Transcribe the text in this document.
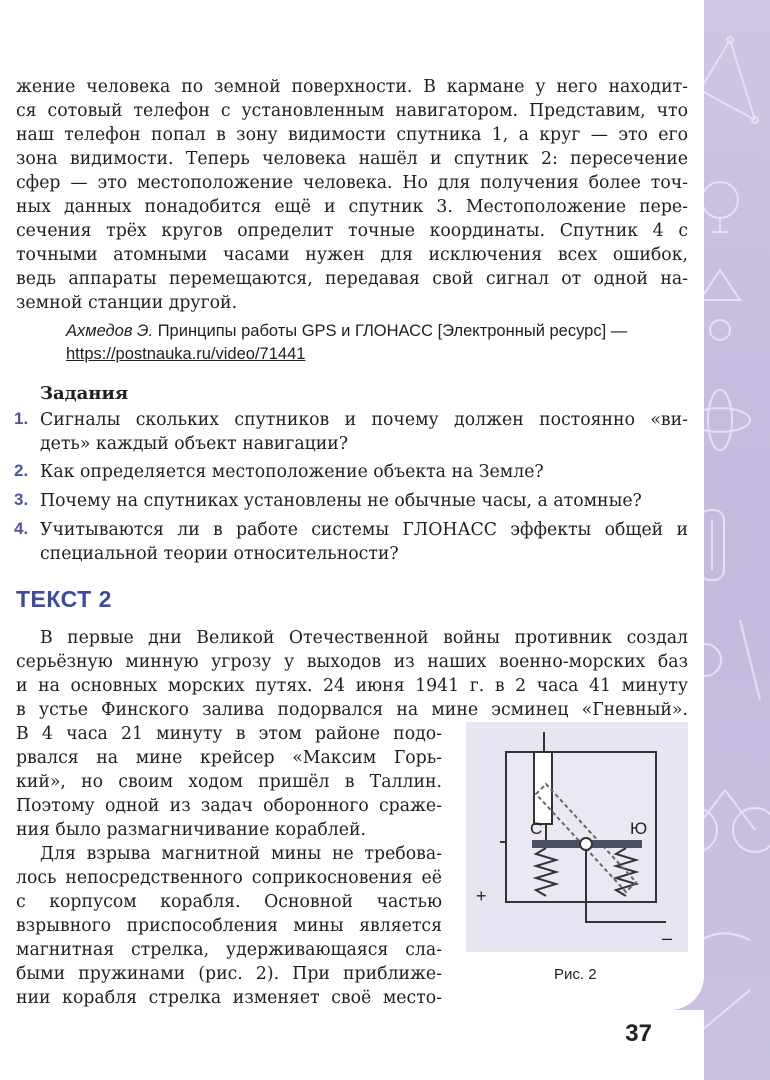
жение человека по земной поверхности. В кармане у него находит-
ся сотовый телефон с установленным навигатором. Представим, что
наш телефон попал в зону видимости спутника 1, а круг — это его
зона видимости. Теперь человека нашёл и спутник 2: пересечение
сфер — это местоположение человека. Но для получения более точ-
ных данных понадобится ещё и спутник 3. Местоположение пере-
сечения трёх кругов определит точные координаты. Спутник 4 с
точными атомными часами нужен для исключения всех ошибок,
ведь аппараты перемещаются, передавая свой сигнал от одной на-
земной станции другой.
Ахмедов Э. Принципы работы GPS и ГЛОНАСС [Электронный ресурс] —
https://postnauka.ru/video/71441
Задания
1. Сигналы скольких спутников и почему должен постоянно «ви-
деть» каждый объект навигации?
2. Как определяется местоположение объекта на Земле?
3. Почему на спутниках установлены не обычные часы, а атомные?
4. Учитываются ли в работе системы ГЛОНАСС эффекты общей и
специальной теории относительности?
ТЕКСТ 2
В первые дни Великой Отечественной войны противник создал
серьёзную минную угрозу у выходов из наших военно-морских баз
и на основных морских путях. 24 июня 1941 г. в 2 часа 41 минуту
в устье Финского залива подорвался на мине эсминец «Гневный».
В 4 часа 21 минуту в этом районе подо-
рвался на мине крейсер «Максим Горь-
кий», но своим ходом пришёл в Таллин.
Поэтому одной из задач оборонного сраже-
ния было размагничивание кораблей.
Для взрыва магнитной мины не требова-
лось непосредственного соприкосновения её
с корпусом корабля. Основной частью
взрывного приспособления мины является
магнитная стрелка, удерживающаяся сла-
быми пружинами (рис. 2). При приближе-
нии корабля стрелка изменяет своё место-
С	Ю
+
–
Рис. 2
37
